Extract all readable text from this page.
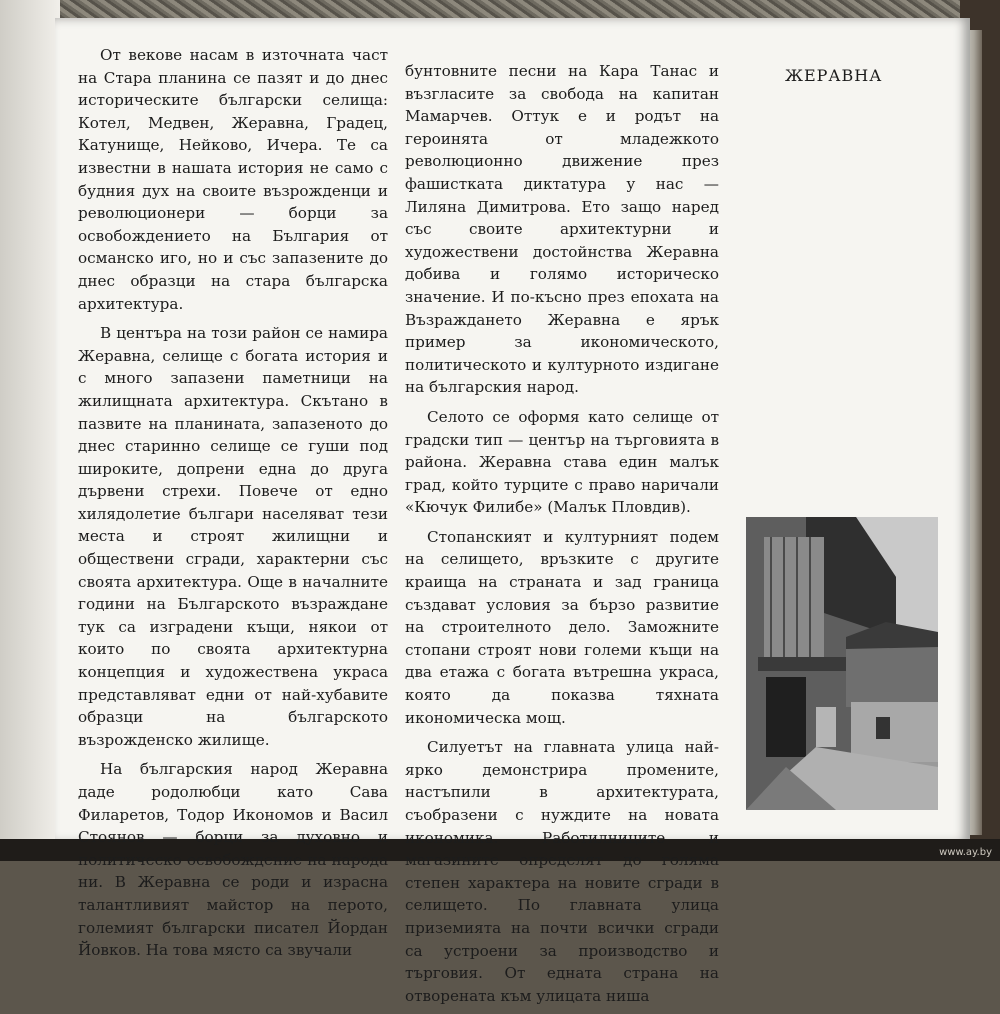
От векове насам в източната част на Стара планина се пазят и до днес историческите български селища: Котел, Медвен, Жеравна, Градец, Катунище, Нейково, Ичера. Те са известни в нашата история не само с будния дух на своите възрожденци и революционери — борци за освобождението на България от османско иго, но и със запазените до днес образци на стара българска архитектура.

В центъра на този район се намира Жеравна, селище с богата история и с много запазени паметници на жилищната архитектура. Скътано в пазвите на планината, запазеното до днес старинно селище се гуши под широките, допрени една до друга дървени стрехи. Повече от едно хилядолетие българи населяват тези места и строят жилищни и обществени сгради, характерни със своята архитектура. Още в началните години на Българското възраждане тук са изградени къщи, някои от които по своята архитектурна концепция и художествена украса представляват едни от най-хубавите образци на българското възрожденско жилище.

На българския народ Жеравна даде родолюбци като Сава Филаретов, Тодор Икономов и Васил Стоянов — борци за духовно и политическо освобождение на народа ни. В Жеравна се роди и израсна талантливият майстор на перото, големият български писател Йордан Йовков. На това място са звучали

бунтовните песни на Кара Танас и възгласите за свобода на капитан Мамарчев. Оттук е и родът на героинята от младежкото революционно движение през фашистката диктатура у нас — Лиляна Димитрова. Ето защо наред със своите архитектурни и художествени достойнства Жеравна добива и голямо историческо значение. И по-късно през епохата на Възраждането Жеравна е ярък пример за икономическото, политическото и културното издигане на българския народ.

Селото се оформя като селище от градски тип — център на търговията в района. Жеравна става един малък град, който турците с право наричали «Кючук Филибе» (Малък Пловдив).

Стопанският и културният подем на селището, връзките с другите краища на страната и зад граница създават условия за бързо развитие на строителното дело. Заможните стопани строят нови големи къщи на два етажа с богата вътрешна украса, която да показва тяхната икономическа мощ.

Силуетът на главната улица най-ярко демонстрира промените, настъпили в архитектурата, съобразени с нуждите на новата икономика. Работилниците и магазините определят до голяма степен характера на новите сгради в селището. По главната улица приземията на почти всички сгради са устроени за производство и търговия. От едната страна на отворената към улицата ниша

ЖЕРАВНА
www.ay.by
